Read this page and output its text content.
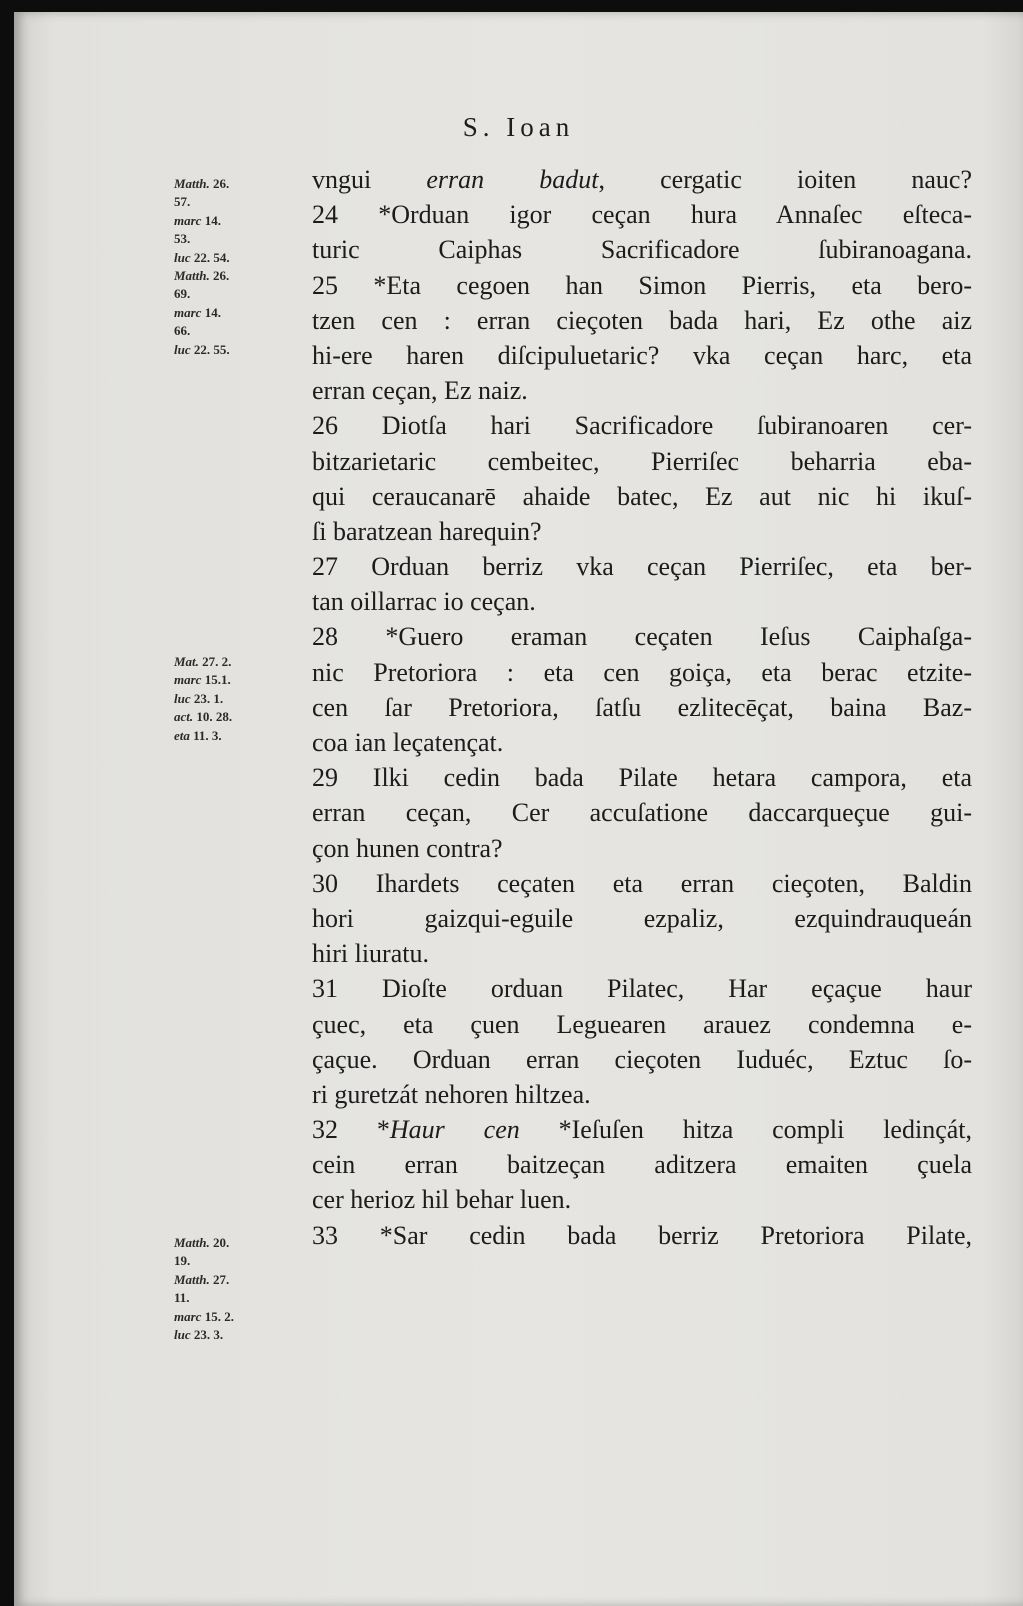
S. Ioan
Matth. 26.
57.
marc 14.
53.
luc 22. 54.
Matth. 26.
69.
marc 14.
66.
luc 22. 55.
Mat. 27. 2.
marc 15.1.
luc 23. 1.
act. 10. 28.
eta 11. 3.
Matth. 20.
19.
Matth. 27.
11.
marc 15. 2.
luc 23. 3.
vngui erran badut, cergatic ioiten nauc?
24 *Orduan igor ceçan hura Annaſec eſteca-
turic Caiphas Sacrificadore ſubiranoagana.
25 *Eta cegoen han Simon Pierris, eta bero-
tzen cen : erran cieçoten bada hari, Ez othe aiz
hi-ere haren diſcipuluetaric? vka ceçan harc, eta
erran ceçan, Ez naiz.
26 Diotſa hari Sacrificadore ſubiranoaren cer-
bitzarietaric cembeitec, Pierriſec beharria eba-
qui ceraucanarē ahaide batec, Ez aut nic hi ikuſ-
ſi baratzean harequin?
27 Orduan berriz vka ceçan Pierriſec, eta ber-
tan oillarrac io ceçan.
28 *Guero eraman ceçaten Ieſus Caiphaſga-
nic Pretoriora : eta cen goiça, eta berac etzite-
cen ſar Pretoriora, ſatſu ezlitecēçat, baina Baz-
coa ian leçatençat.
29 Ilki cedin bada Pilate hetara campora, eta
erran ceçan, Cer accuſatione daccarqueçue gui-
çon hunen contra?
30 Ihardets ceçaten eta erran cieçoten, Baldin
hori gaizqui-eguile ezpaliz, ezquindrauqueán
hiri liuratu.
31 Dioſte orduan Pilatec, Har eçaçue haur
çuec, eta çuen Leguearen arauez condemna e-
çaçue. Orduan erran cieçoten Iuduéc, Eztuc ſo-
ri guretzát nehoren hiltzea.
32 *Haur cen *Ieſuſen hitza compli ledinçát,
cein erran baitzeçan aditzera emaiten çuela
cer herioz hil behar luen.
33 *Sar cedin bada berriz Pretoriora Pilate,
